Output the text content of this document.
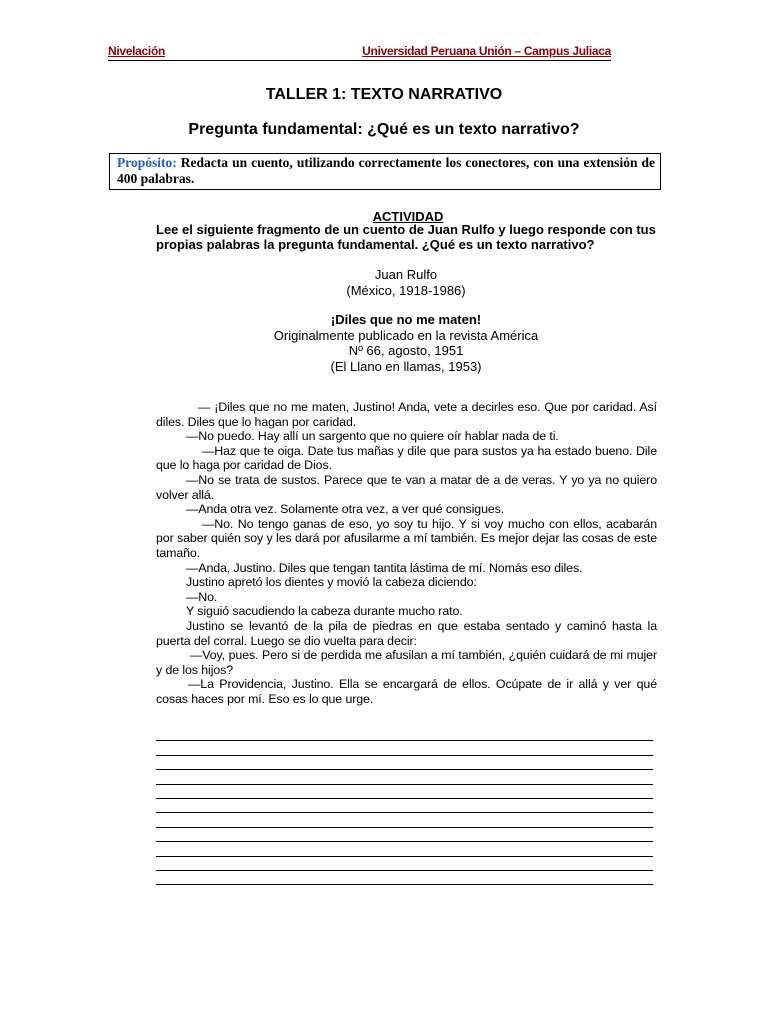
Nivelación	Universidad Peruana Unión – Campus Juliaca
TALLER 1: TEXTO NARRATIVO
Pregunta fundamental: ¿Qué es un texto narrativo?
Propósito: Redacta un cuento, utilizando correctamente los conectores, con una extensión de 400 palabras.
ACTIVIDAD
Lee el siguiente fragmento de un cuento de Juan Rulfo y luego responde con tus propias palabras la pregunta fundamental. ¿Qué es un texto narrativo?
Juan Rulfo
(México, 1918-1986)
¡Diles que no me maten!
Originalmente publicado en la revista América
Nº 66, agosto, 1951
(El Llano en llamas, 1953)

— ¡Diles que no me maten, Justino! Anda, vete a decirles eso. Que por caridad. Así diles. Diles que lo hagan por caridad.

—No puedo. Hay allí un sargento que no quiere oír hablar nada de ti.

—Haz que te oiga. Date tus mañas y dile que para sustos ya ha estado bueno. Dile que lo haga por caridad de Dios.

—No se trata de sustos. Parece que te van a matar de a de veras. Y yo ya no quiero volver allá.

—Anda otra vez. Solamente otra vez, a ver qué consigues.

—No. No tengo ganas de eso, yo soy tu hijo. Y si voy mucho con ellos, acabarán por saber quién soy y les dará por afusilarme a mí también. Es mejor dejar las cosas de este tamaño.

—Anda, Justino. Diles que tengan tantita lástima de mí. Nomás eso diles.

Justino apretó los dientes y movió la cabeza diciendo:

—No.

Y siguió sacudiendo la cabeza durante mucho rato.

Justino se levantó de la pila de piedras en que estaba sentado y caminó hasta la puerta del corral. Luego se dio vuelta para decir:

—Voy, pues. Pero si de perdida me afusilan a mí también, ¿quién cuidará de mi mujer y de los hijos?

—La Providencia, Justino. Ella se encargará de ellos. Ocúpate de ir allá y ver qué cosas haces por mí. Eso es lo que urge.
